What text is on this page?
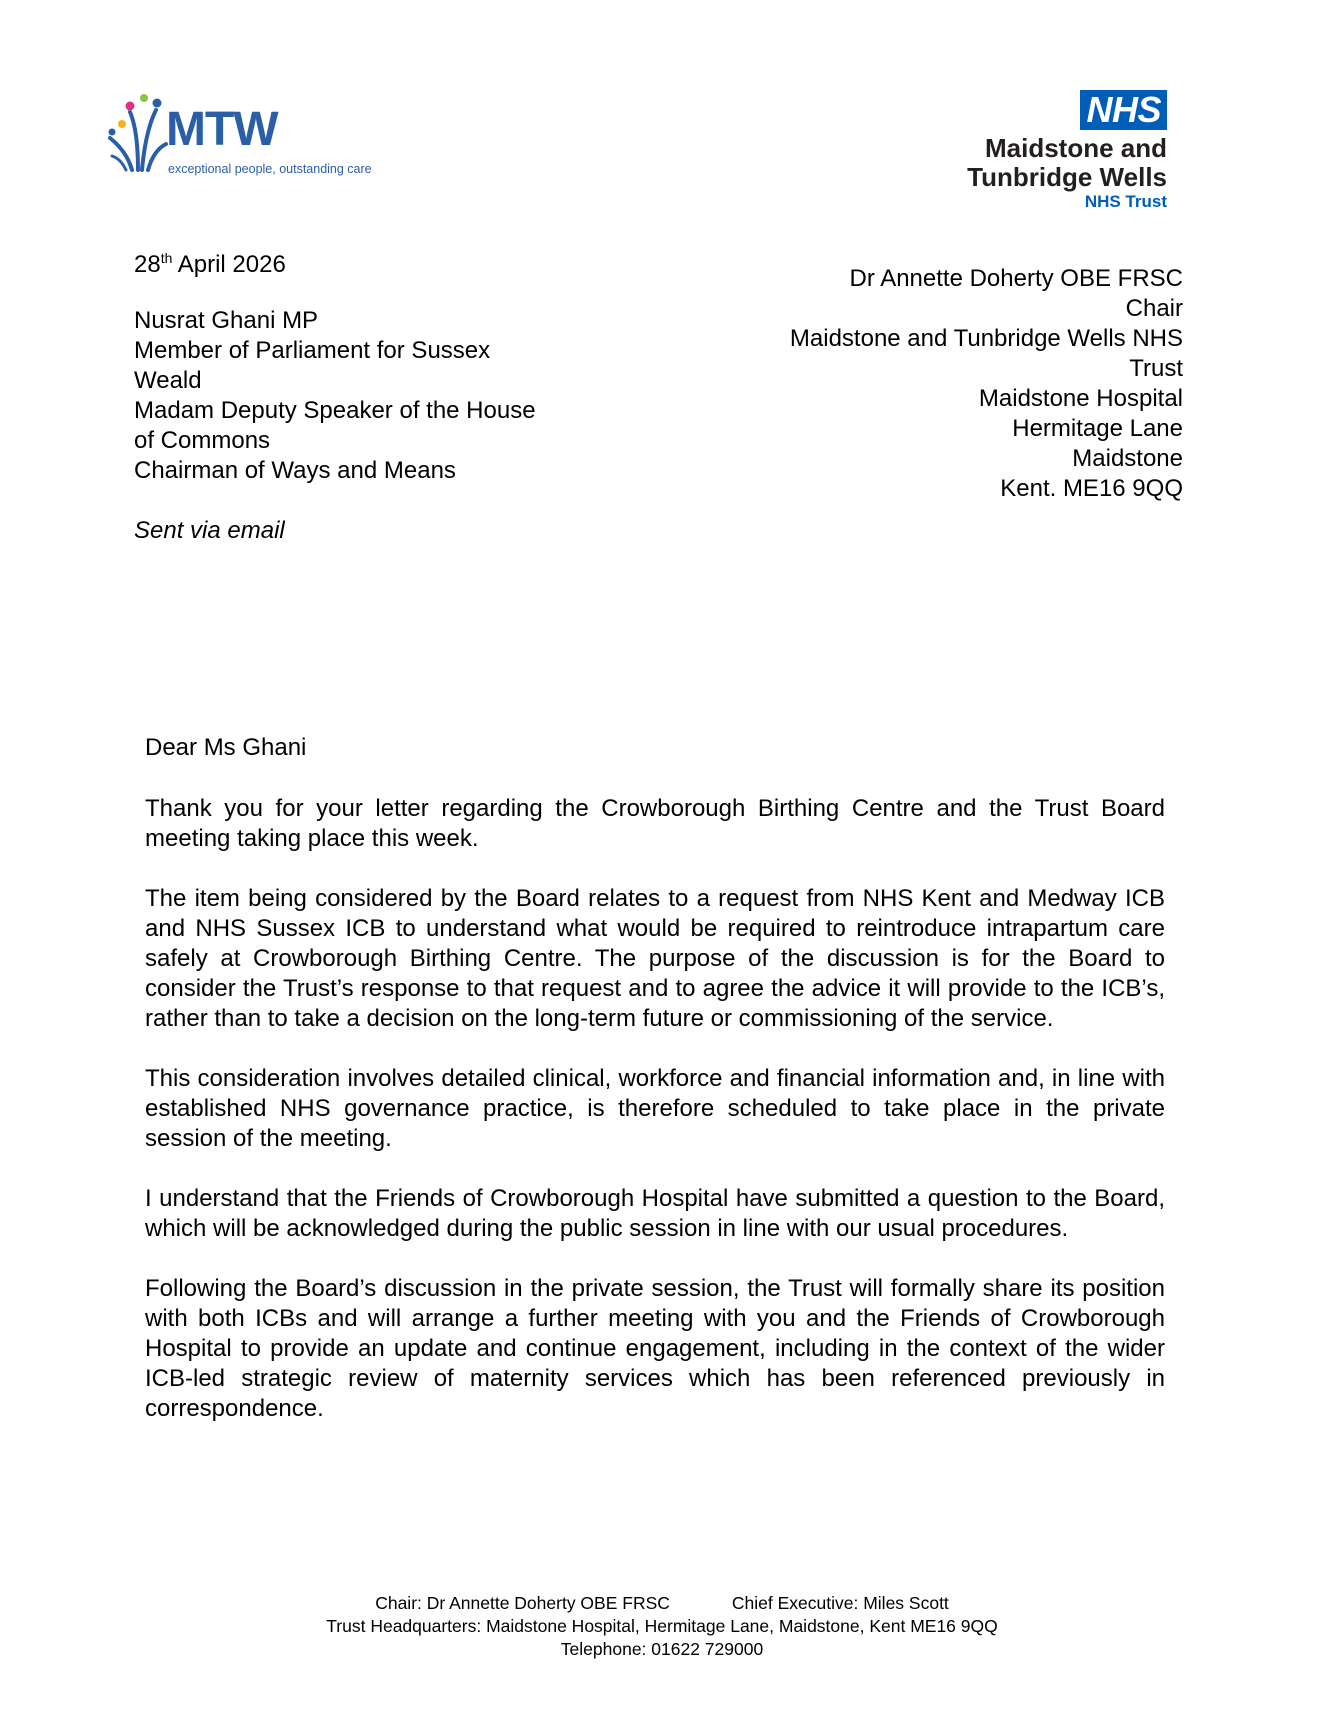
MTW
exceptional people, outstanding care
NHS
Maidstone and
Tunbridge Wells
NHS Trust
28th April 2026
Nusrat Ghani MP
Member of Parliament for Sussex
Weald
Madam Deputy Speaker of the House
of Commons
Chairman of Ways and Means
Sent via email
Dr Annette Doherty OBE FRSC
Chair
Maidstone and Tunbridge Wells NHS
Trust
Maidstone Hospital
Hermitage Lane
Maidstone
Kent. ME16 9QQ

Dear Ms Ghani

Thank you for your letter regarding the Crowborough Birthing Centre and the Trust Board meeting taking place this week.

The item being considered by the Board relates to a request from NHS Kent and Medway ICB and NHS Sussex ICB to understand what would be required to reintroduce intrapartum care safely at Crowborough Birthing Centre. The purpose of the discussion is for the Board to consider the Trust’s response to that request and to agree the advice it will provide to the ICB’s, rather than to take a decision on the long-term future or commissioning of the service.

This consideration involves detailed clinical, workforce and financial information and, in line with established NHS governance practice, is therefore scheduled to take place in the private session of the meeting.

I understand that the Friends of Crowborough Hospital have submitted a question to the Board, which will be acknowledged during the public session in line with our usual procedures.

Following the Board’s discussion in the private session, the Trust will formally share its position with both ICBs and will arrange a further meeting with you and the Friends of Crowborough Hospital to provide an update and continue engagement, including in the context of the wider ICB-led strategic review of maternity services which has been referenced previously in correspondence.

Chair: Dr Annette Doherty OBE FRSC	Chief Executive: Miles Scott
Trust Headquarters: Maidstone Hospital, Hermitage Lane, Maidstone, Kent ME16 9QQ
Telephone: 01622 729000
